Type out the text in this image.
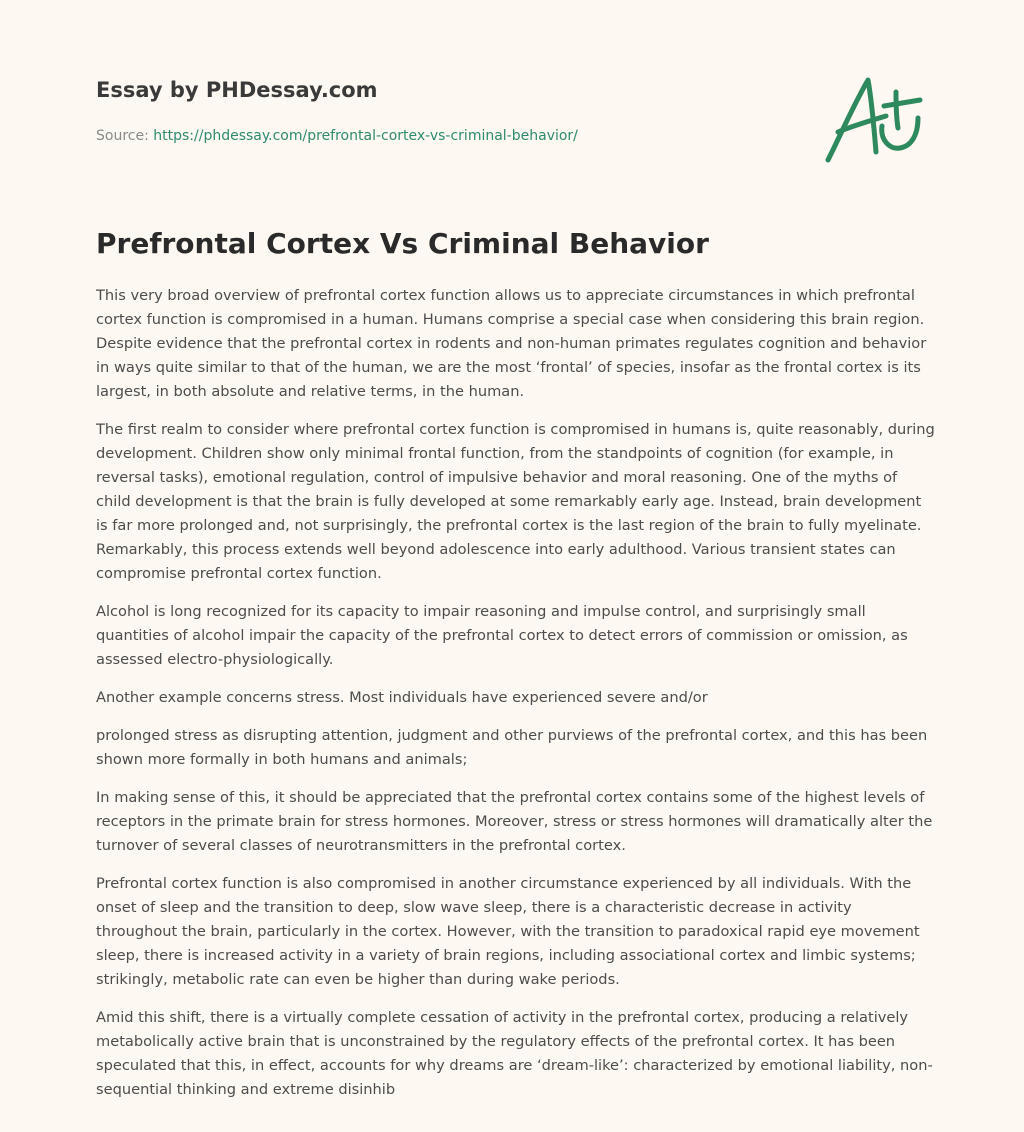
Essay by PHDessay.com
Source: https://phdessay.com/prefrontal-cortex-vs-criminal-behavior/
Prefrontal Cortex Vs Criminal Behavior

This very broad overview of prefrontal cortex function allows us to appreciate circumstances in which prefrontal cortex function is compromised in a human. Humans comprise a special case when considering this brain region. Despite evidence that the prefrontal cortex in rodents and non-human primates regulates cognition and behavior in ways quite similar to that of the human, we are the most ‘frontal’ of species, insofar as the frontal cortex is its largest, in both absolute and relative terms, in the human.

The first realm to consider where prefrontal cortex function is compromised in humans is, quite reasonably, during development. Children show only minimal frontal function, from the standpoints of cognition (for example, in reversal tasks), emotional regulation, control of impulsive behavior and moral reasoning. One of the myths of child development is that the brain is fully developed at some remarkably early age. Instead, brain development is far more prolonged and, not surprisingly, the prefrontal cortex is the last region of the brain to fully myelinate. Remarkably, this process extends well beyond adolescence into early adulthood. Various transient states can compromise prefrontal cortex function.

Alcohol is long recognized for its capacity to impair reasoning and impulse control, and surprisingly small quantities of alcohol impair the capacity of the prefrontal cortex to detect errors of commission or omission, as assessed electro-physiologically.

Another example concerns stress. Most individuals have experienced severe and/or

prolonged stress as disrupting attention, judgment and other purviews of the prefrontal cortex, and this has been shown more formally in both humans and animals;

In making sense of this, it should be appreciated that the prefrontal cortex contains some of the highest levels of receptors in the primate brain for stress hormones. Moreover, stress or stress hormones will dramatically alter the turnover of several classes of neurotransmitters in the prefrontal cortex.

Prefrontal cortex function is also compromised in another circumstance experienced by all individuals. With the onset of sleep and the transition to deep, slow wave sleep, there is a characteristic decrease in activity throughout the brain, particularly in the cortex. However, with the transition to paradoxical rapid eye movement sleep, there is increased activity in a variety of brain regions, including associational cortex and limbic systems; strikingly, metabolic rate can even be higher than during wake periods.

Amid this shift, there is a virtually complete cessation of activity in the prefrontal cortex, producing a relatively metabolically active brain that is unconstrained by the regulatory effects of the prefrontal cortex. It has been speculated that this, in effect, accounts for why dreams are ‘dream-like’: characterized by emotional liability, non-sequential thinking and extreme disinhib
